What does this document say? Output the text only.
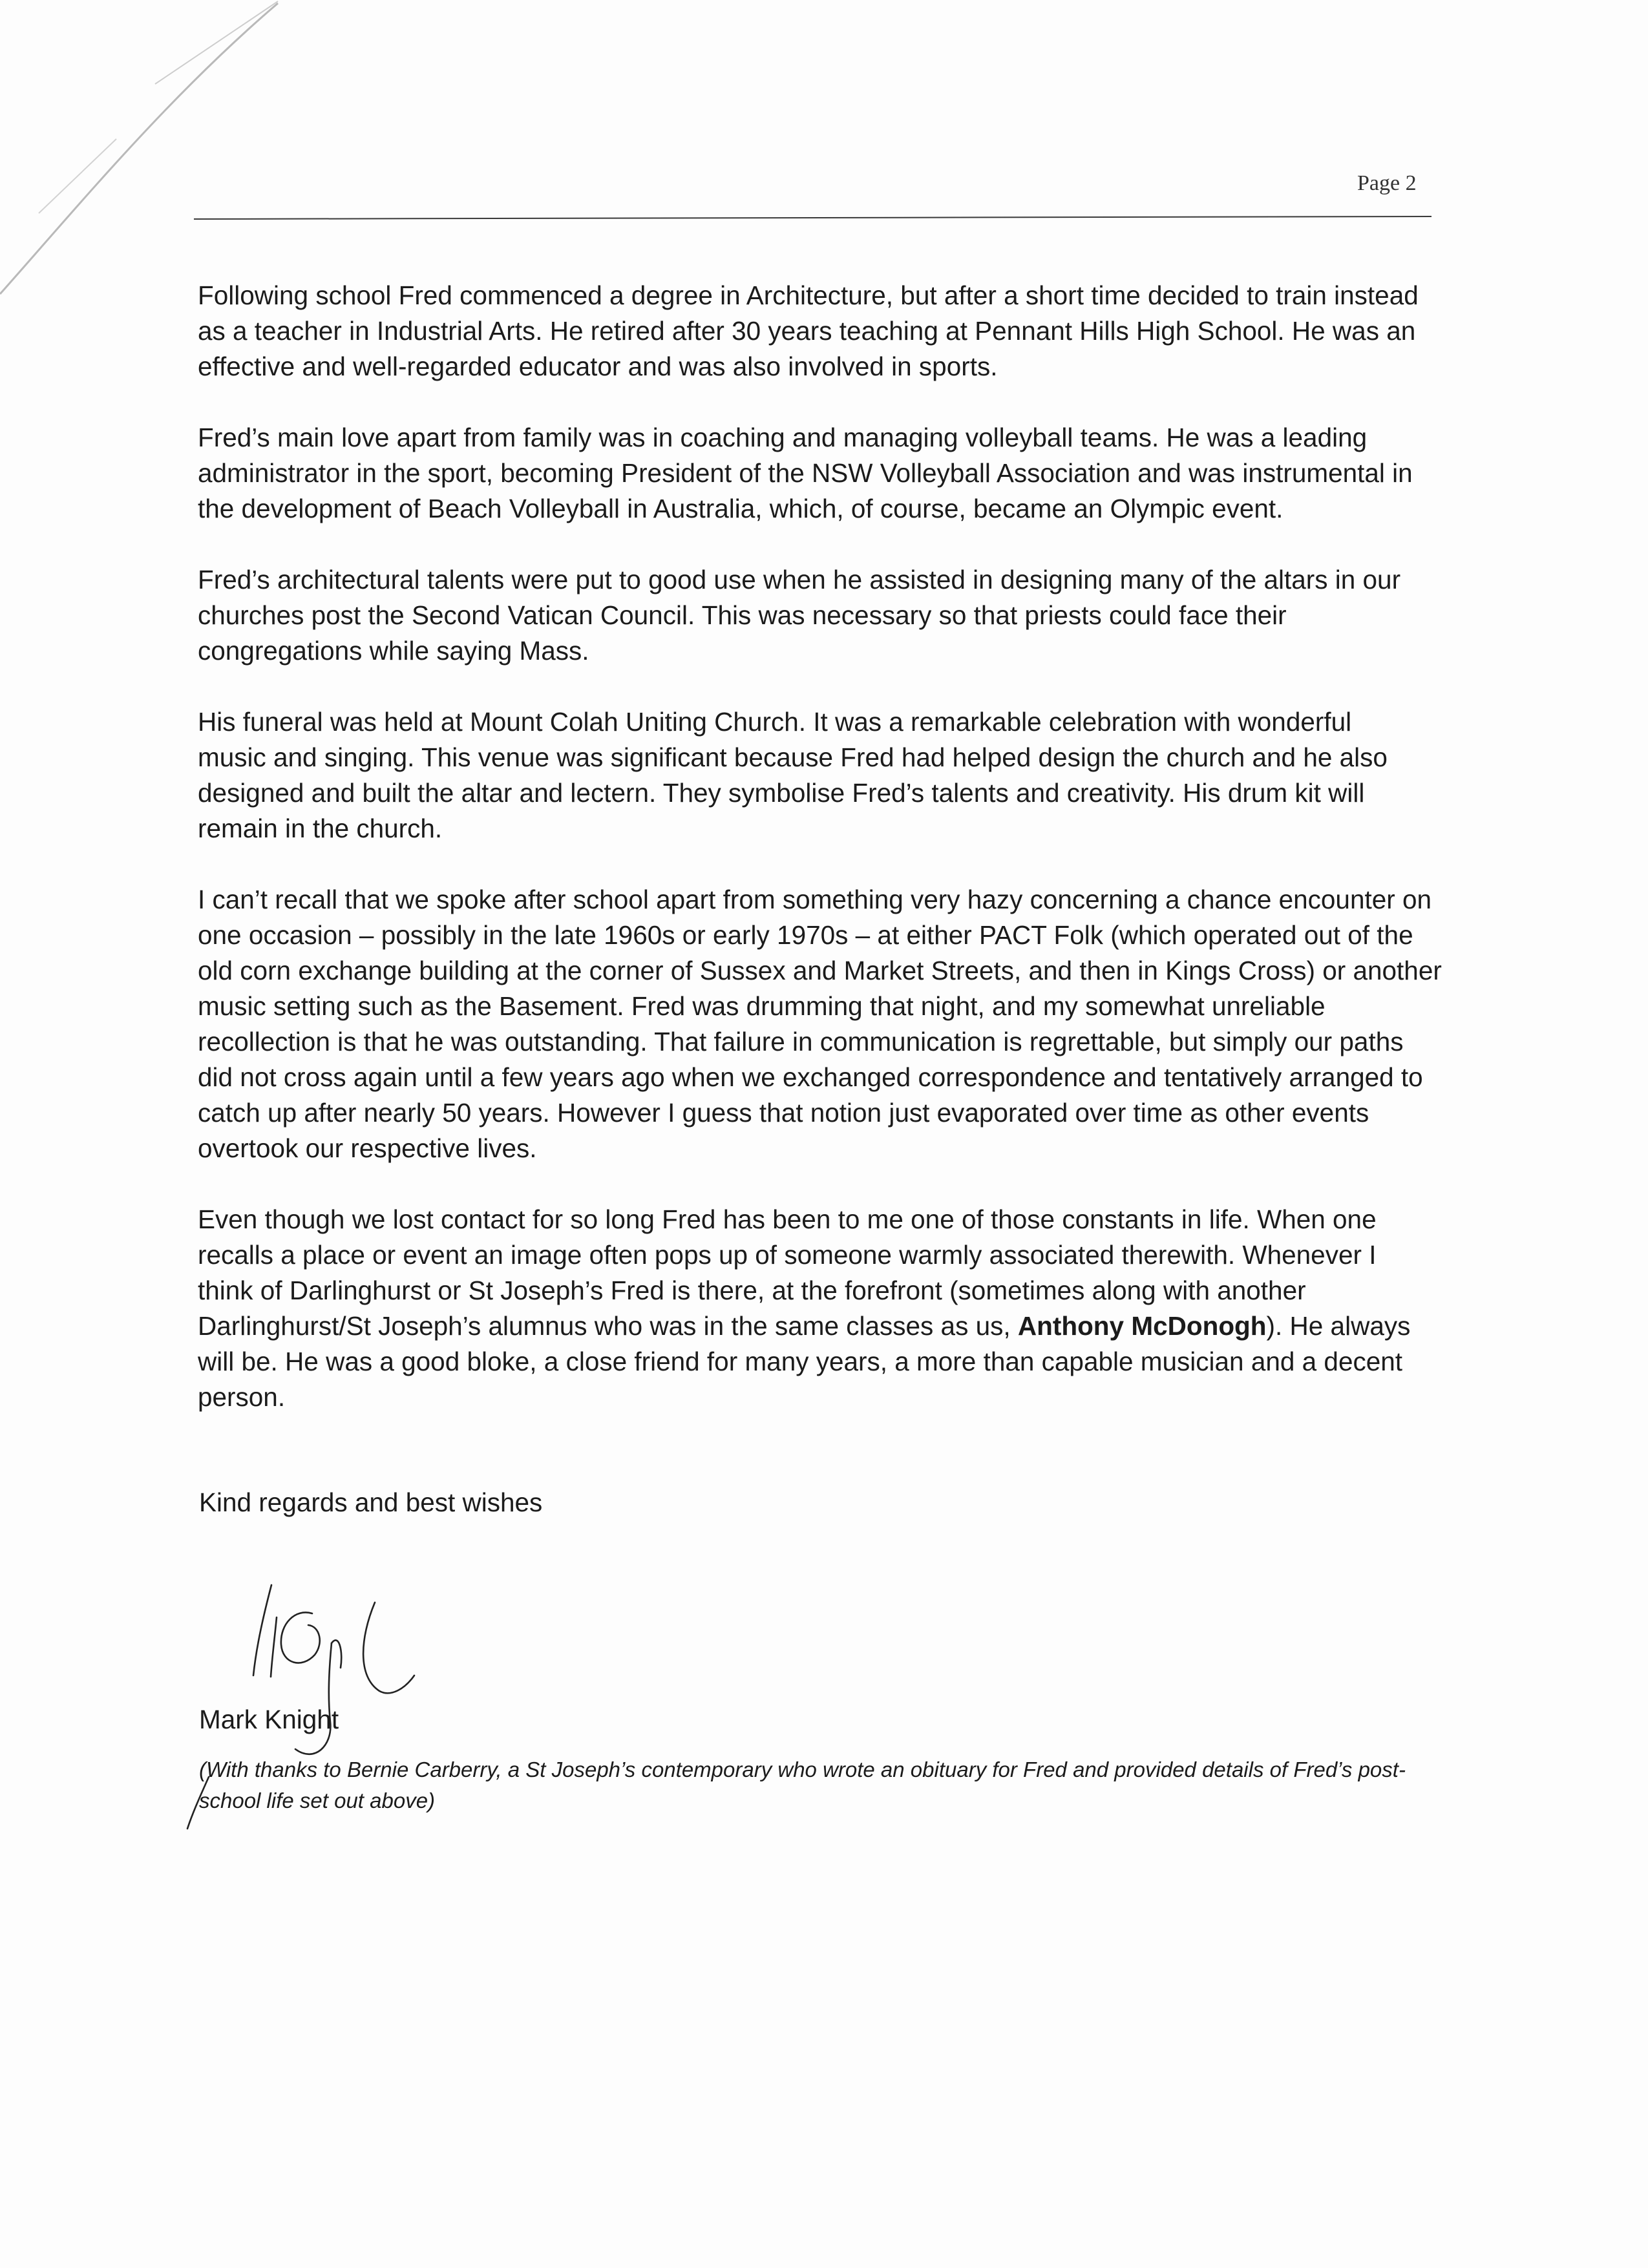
Page 2

Following school Fred commenced a degree in Architecture, but after a short time decided to train instead
as a teacher in Industrial Arts. He retired after 30 years teaching at Pennant Hills High School. He was an
effective and well-regarded educator and was also involved in sports.

Fred’s main love apart from family was in coaching and managing volleyball teams. He was a leading
administrator in the sport, becoming President of the NSW Volleyball Association and was instrumental in
the development of Beach Volleyball in Australia, which, of course, became an Olympic event.

Fred’s architectural talents were put to good use when he assisted in designing many of the altars in our
churches post the Second Vatican Council. This was necessary so that priests could face their
congregations while saying Mass.

His funeral was held at Mount Colah Uniting Church. It was a remarkable celebration with wonderful
music and singing. This venue was significant because Fred had helped design the church and he also
designed and built the altar and lectern. They symbolise Fred’s talents and creativity. His drum kit will
remain in the church.

I can’t recall that we spoke after school apart from something very hazy concerning a chance encounter on
one occasion – possibly in the late 1960s or early 1970s – at either PACT Folk (which operated out of the
old corn exchange building at the corner of Sussex and Market Streets, and then in Kings Cross) or another
music setting such as the Basement. Fred was drumming that night, and my somewhat unreliable
recollection is that he was outstanding. That failure in communication is regrettable, but simply our paths
did not cross again until a few years ago when we exchanged correspondence and tentatively arranged to
catch up after nearly 50 years. However I guess that notion just evaporated over time as other events
overtook our respective lives.

Even though we lost contact for so long Fred has been to me one of those constants in life. When one
recalls a place or event an image often pops up of someone warmly associated therewith. Whenever I
think of Darlinghurst or St Joseph’s Fred is there, at the forefront (sometimes along with another
Darlinghurst/St Joseph’s alumnus who was in the same classes as us, Anthony McDonogh). He always
will be. He was a good bloke, a close friend for many years, a more than capable musician and a decent
person.

Kind regards and best wishes
Mark Knight
(With thanks to Bernie Carberry, a St Joseph’s contemporary who wrote an obituary for Fred and provided details of Fred’s post-
school life set out above)
